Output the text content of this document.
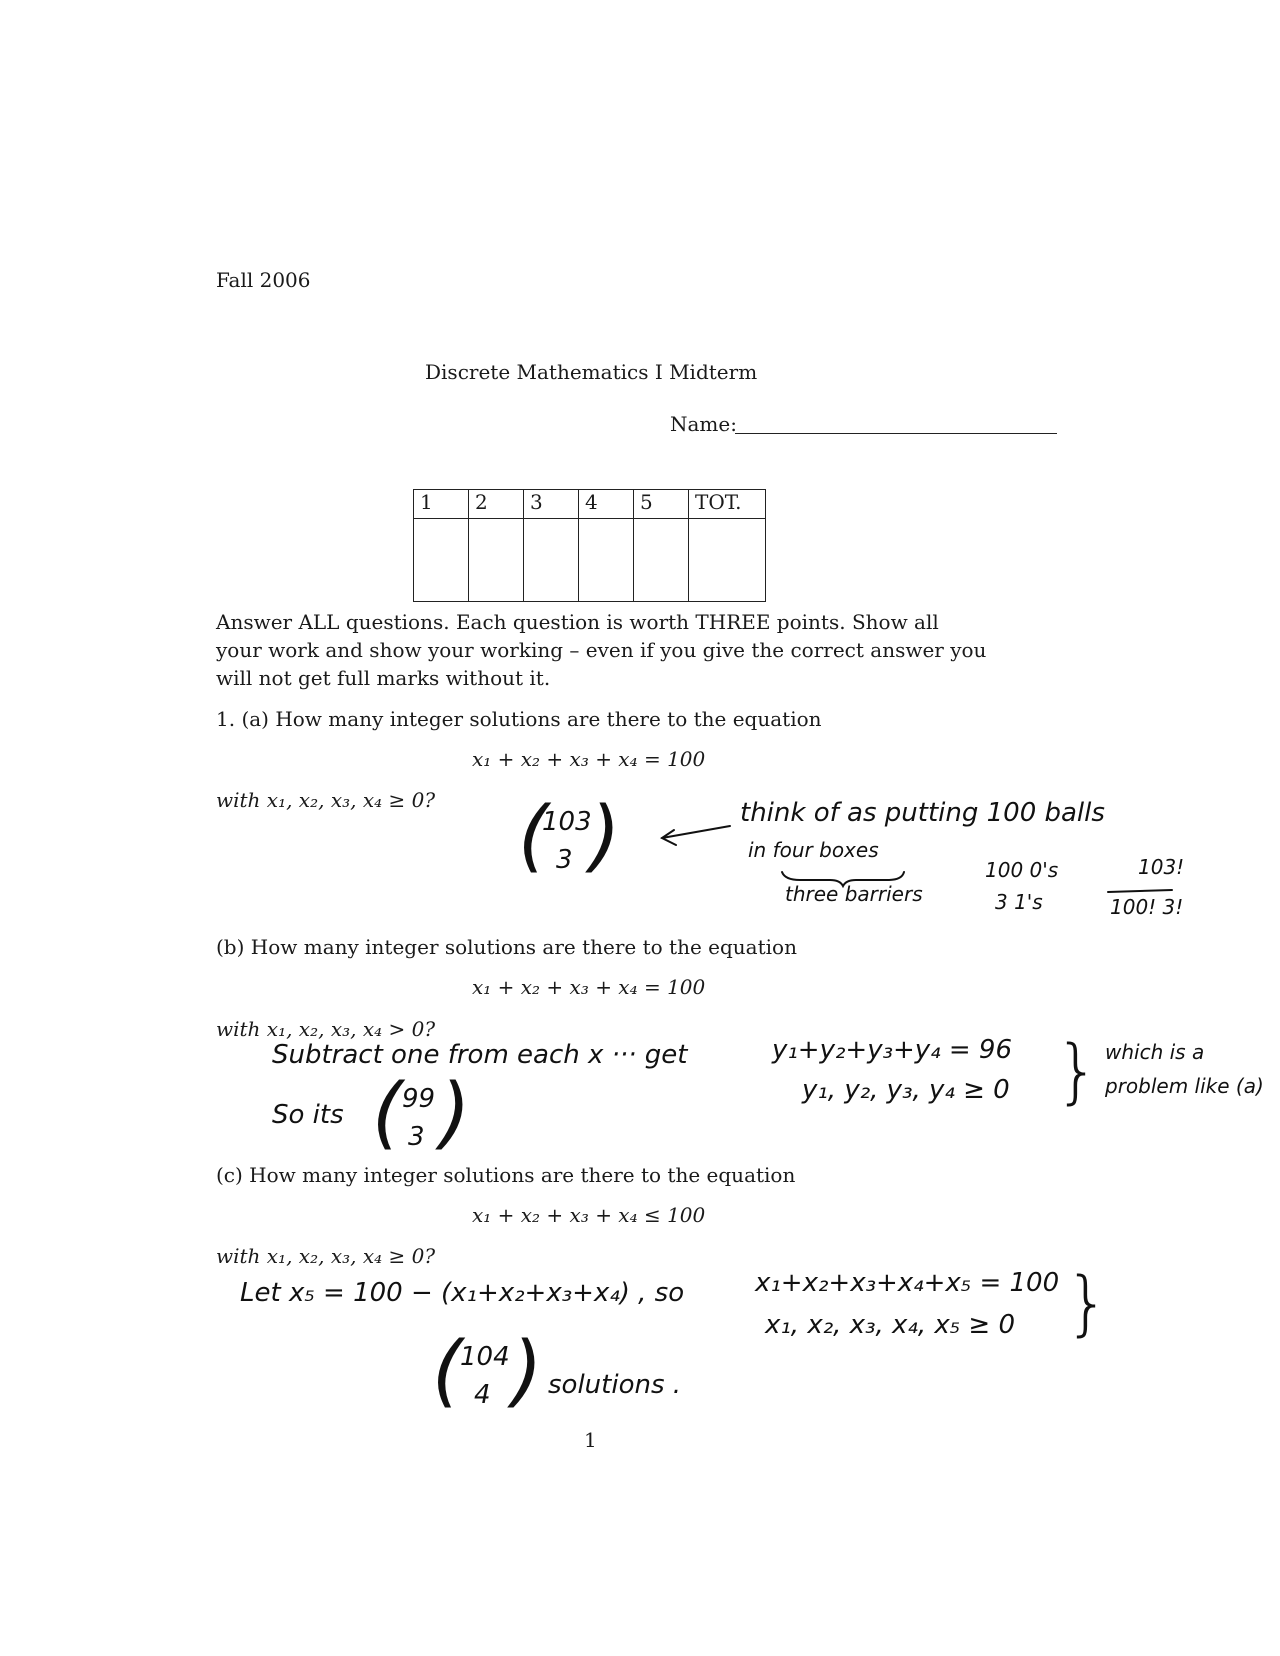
Fall 2006
Discrete Mathematics I Midterm
Name:
1	2	3	4	5	TOT.

Answer ALL questions. Each question is worth THREE points. Show all
your work and show your working – even if you give the correct answer you
will not get full marks without it.
1. (a) How many integer solutions are there to the equation
x₁ + x₂ + x₃ + x₄ = 100
with x₁, x₂, x₃, x₄ ≥ 0? (
103
3 )	think of as putting 100 balls
in four boxes
three barriers
100 0's
3 1's
103!
100! 3!
(b) How many integer solutions are there to the equation
x₁ + x₂ + x₃ + x₄ = 100
with x₁, x₂, x₃, x₄ > 0?
Subtract one from each x ··· get
So its ( 99
3 )
y₁+y₂+y₃+y₄ = 96
y₁, y₂, y₃, y₄ ≥ 0 } which is a
problem like (a)
(c) How many integer solutions are there to the equation
x₁ + x₂ + x₃ + x₄ ≤ 100
with x₁, x₂, x₃, x₄ ≥ 0?
Let x₅ = 100 − (x₁+x₂+x₃+x₄) , so
(
104
4 ) solutions .
x₁+x₂+x₃+x₄+x₅ = 100
x₁, x₂, x₃, x₄, x₅ ≥ 0 }
1
